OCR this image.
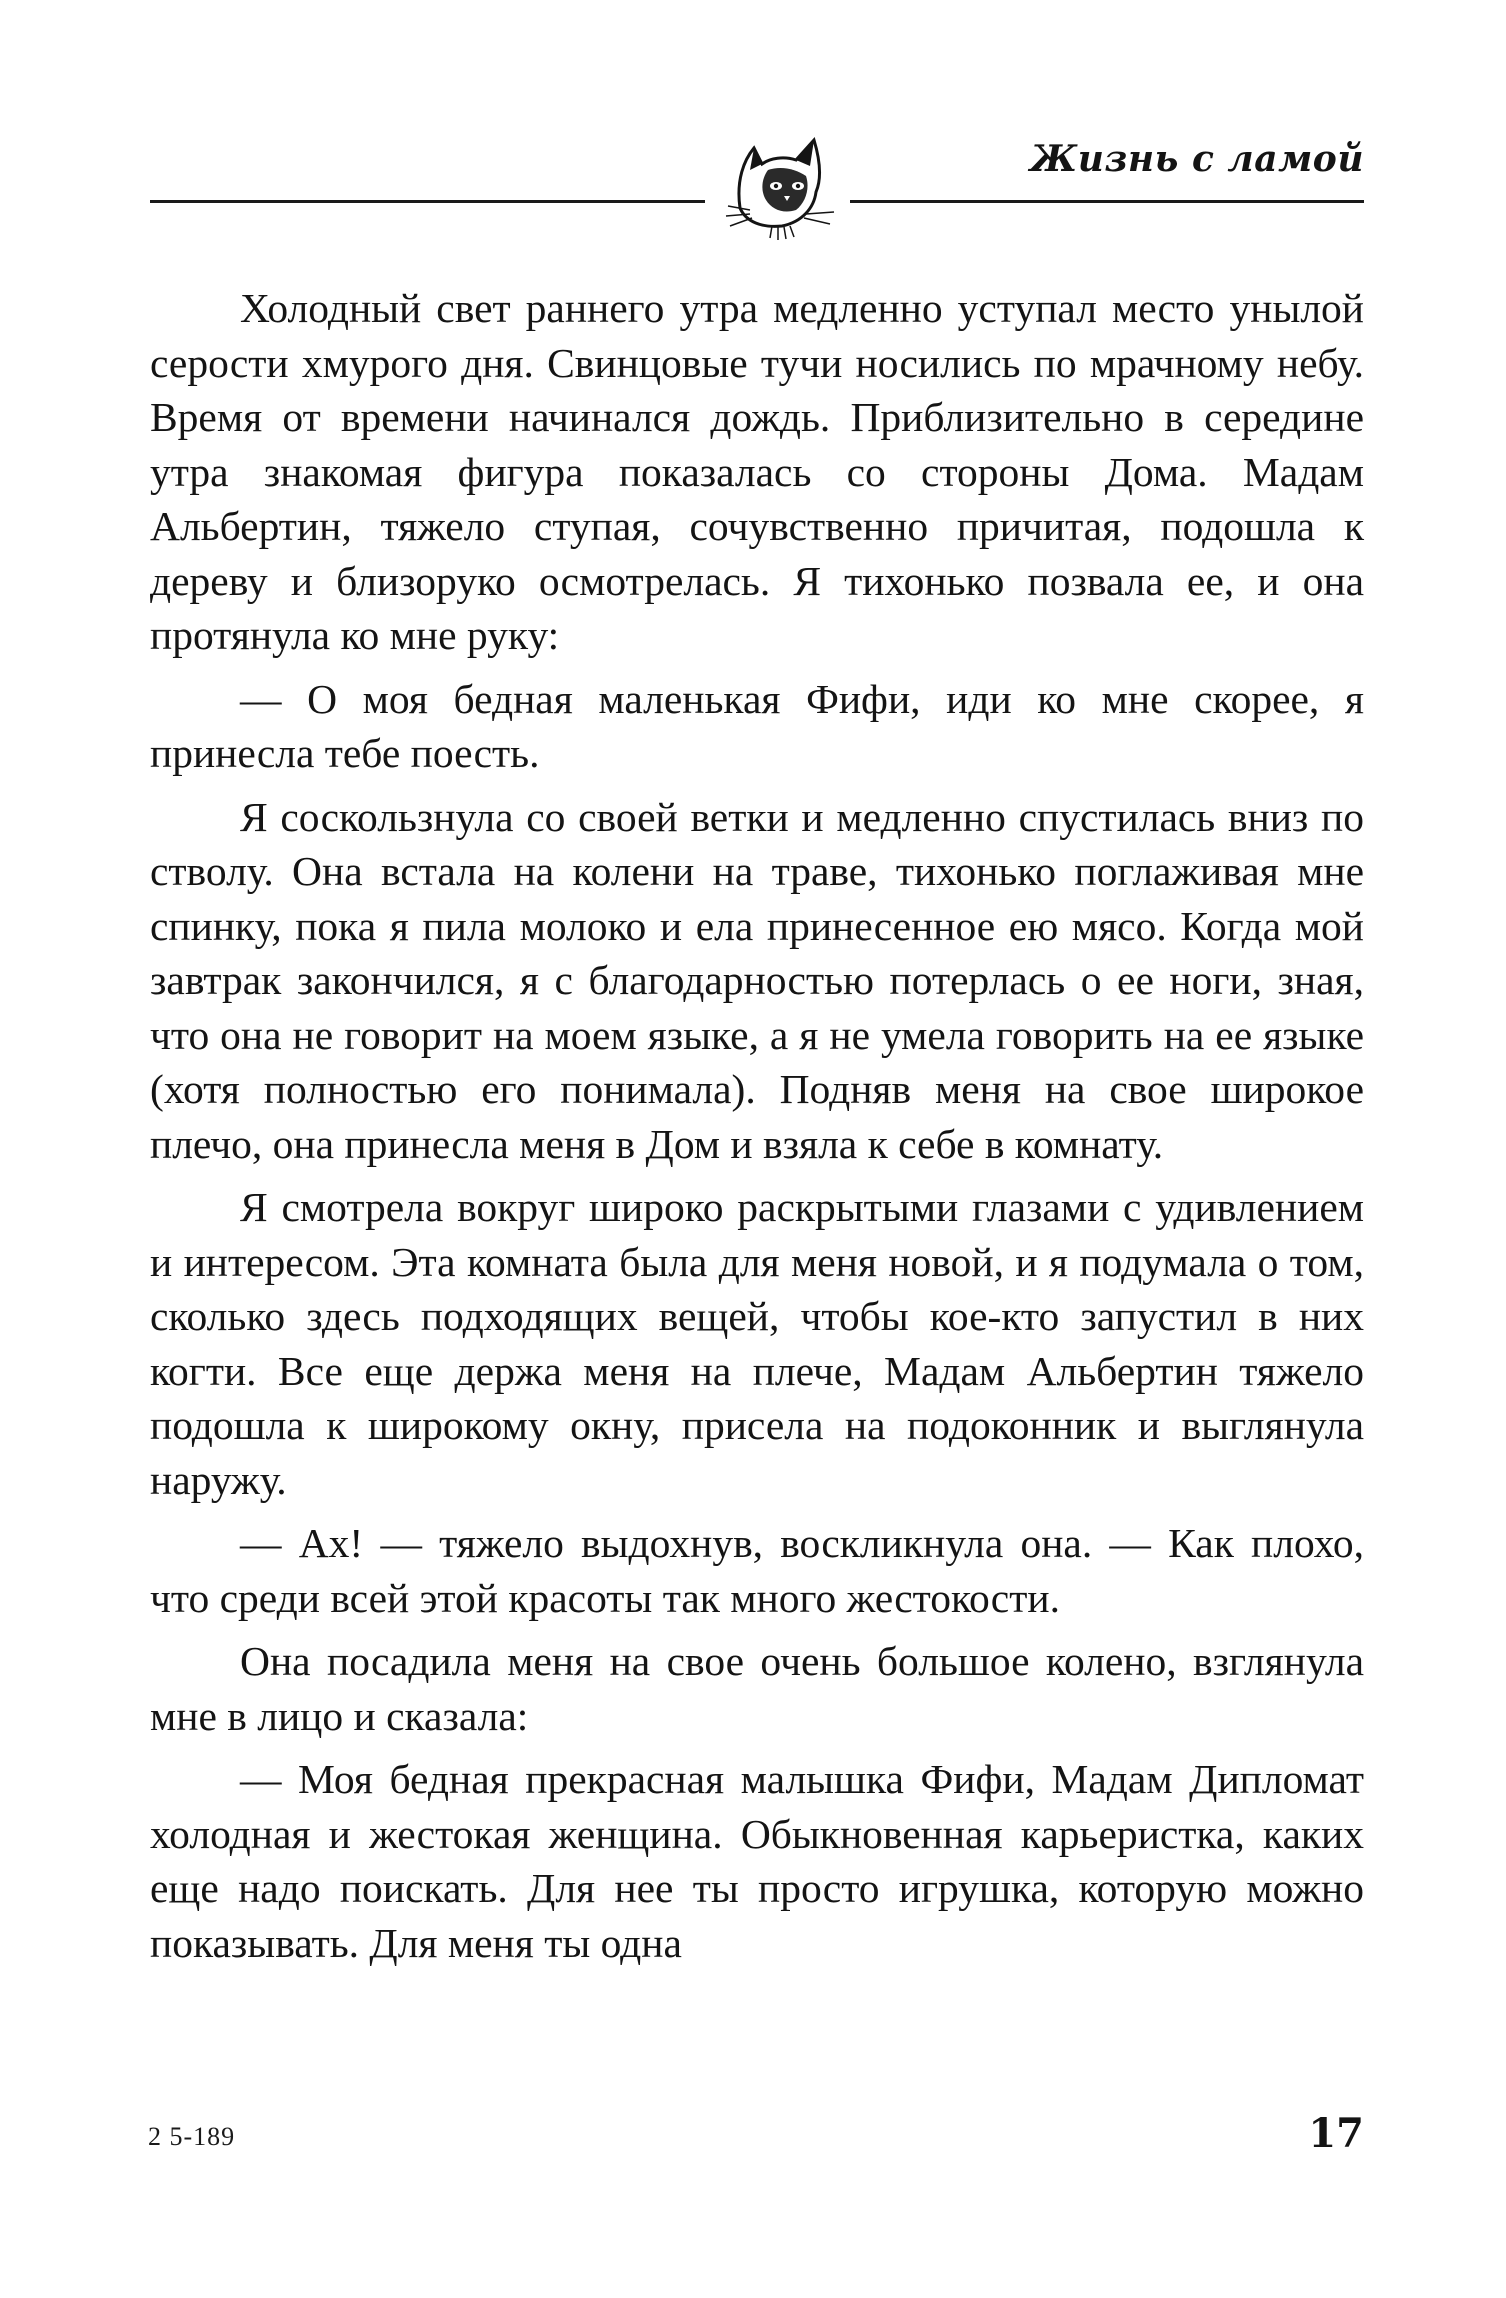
Жизнь с ламой

Холодный свет раннего утра медленно уступал место унылой серости хмурого дня. Свинцовые тучи носились по мрачному небу. Время от времени начинался дождь. Приблизительно в середине утра знакомая фигура показалась со стороны Дома. Мадам Альбертин, тяжело ступая, сочувственно причитая, подошла к дереву и близоруко осмотрелась. Я тихонько позвала ее, и она протянула ко мне руку:

— О моя бедная маленькая Фифи, иди ко мне скорее, я принесла тебе поесть.

Я соскользнула со своей ветки и медленно спустилась вниз по стволу. Она встала на колени на траве, тихонько поглаживая мне спинку, пока я пила молоко и ела принесенное ею мясо. Когда мой завтрак закончился, я с благодарностью потерлась о ее ноги, зная, что она не говорит на моем языке, а я не умела говорить на ее языке (хотя полностью его понимала). Подняв меня на свое широкое плечо, она принесла меня в Дом и взяла к себе в комнату.

Я смотрела вокруг широко раскрытыми глазами с удивлением и интересом. Эта комната была для меня новой, и я подумала о том, сколько здесь подходящих вещей, чтобы кое-кто запустил в них когти. Все еще держа меня на плече, Мадам Альбертин тяжело подошла к широкому окну, присела на подоконник и выглянула наружу.

— Ах! — тяжело выдохнув, воскликнула она. — Как плохо, что среди всей этой красоты так много жестокости.

Она посадила меня на свое очень большое колено, взглянула мне в лицо и сказала:

— Моя бедная прекрасная малышка Фифи, Мадам Дипломат холодная и жестокая женщина. Обыкновенная карьеристка, каких еще надо поискать. Для нее ты просто игрушка, которую можно показывать. Для меня ты одна

2 5-189	17
